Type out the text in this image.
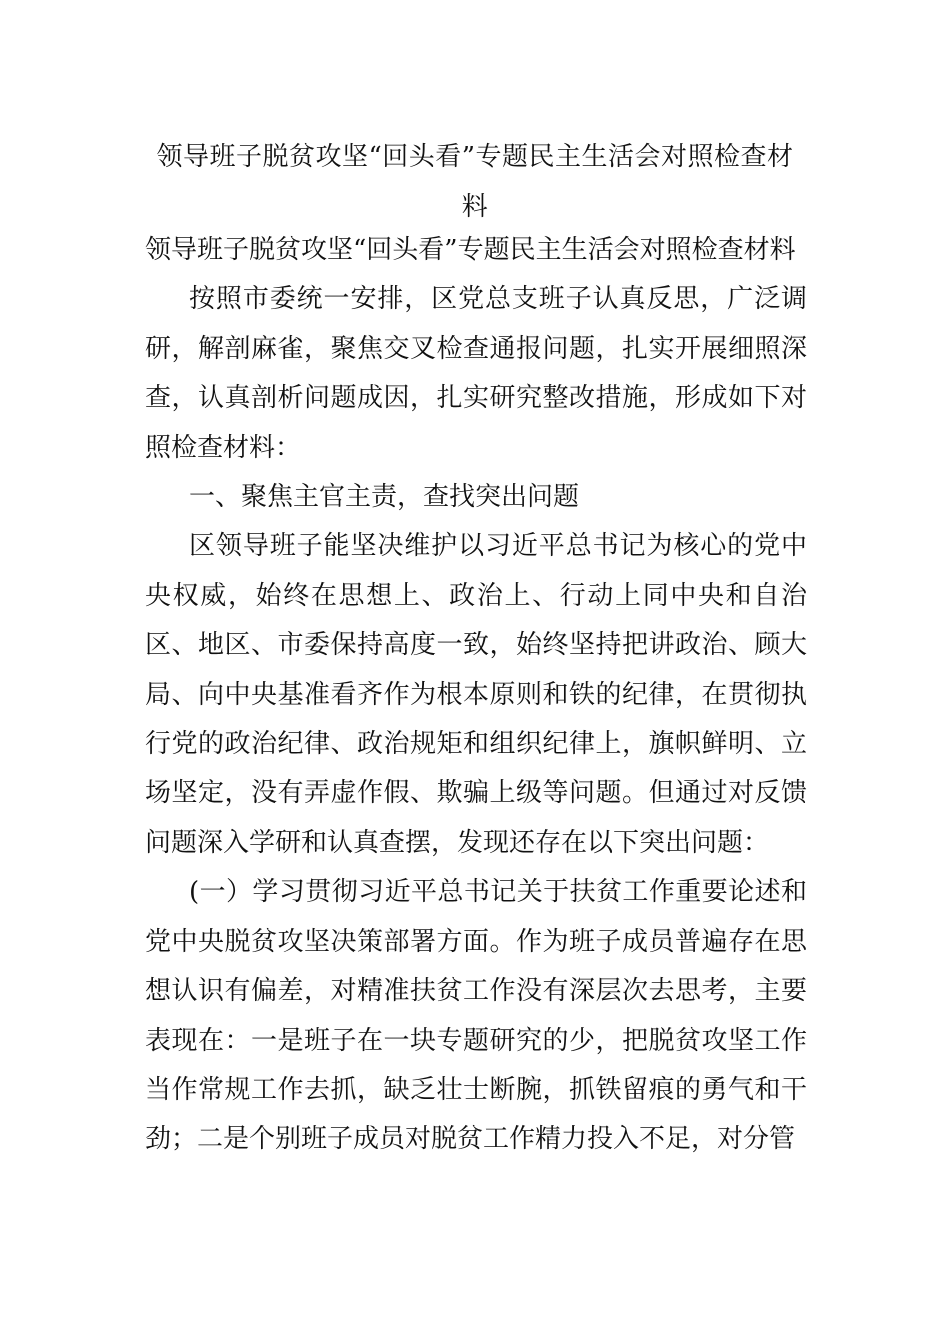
领导班子脱贫攻坚“回头看”专题民主生活会对照检查材料

领导班子脱贫攻坚“回头看”专题民主生活会对照检查材料

按照市委统一安排，区党总支班子认真反思，广泛调研，解剖麻雀，聚焦交叉检查通报问题，扎实开展细照深查，认真剖析问题成因，扎实研究整改措施，形成如下对照检查材料：

一、聚焦主官主责，查找突出问题

区领导班子能坚决维护以习近平总书记为核心的党中央权威，始终在思想上、政治上、行动上同中央和自治区、地区、市委保持高度一致，始终坚持把讲政治、顾大局、向中央基准看齐作为根本原则和铁的纪律，在贯彻执行党的政治纪律、政治规矩和组织纪律上，旗帜鲜明、立场坚定，没有弄虚作假、欺骗上级等问题。但通过对反馈问题深入学研和认真查摆，发现还存在以下突出问题：

(一）学习贯彻习近平总书记关于扶贫工作重要论述和党中央脱贫攻坚决策部署方面。作为班子成员普遍存在思想认识有偏差，对精准扶贫工作没有深层次去思考，主要表现在：一是班子在一块专题研究的少，把脱贫攻坚工作当作常规工作去抓，缺乏壮士断腕，抓铁留痕的勇气和干劲；二是个别班子成员对脱贫工作精力投入不足，对分管
